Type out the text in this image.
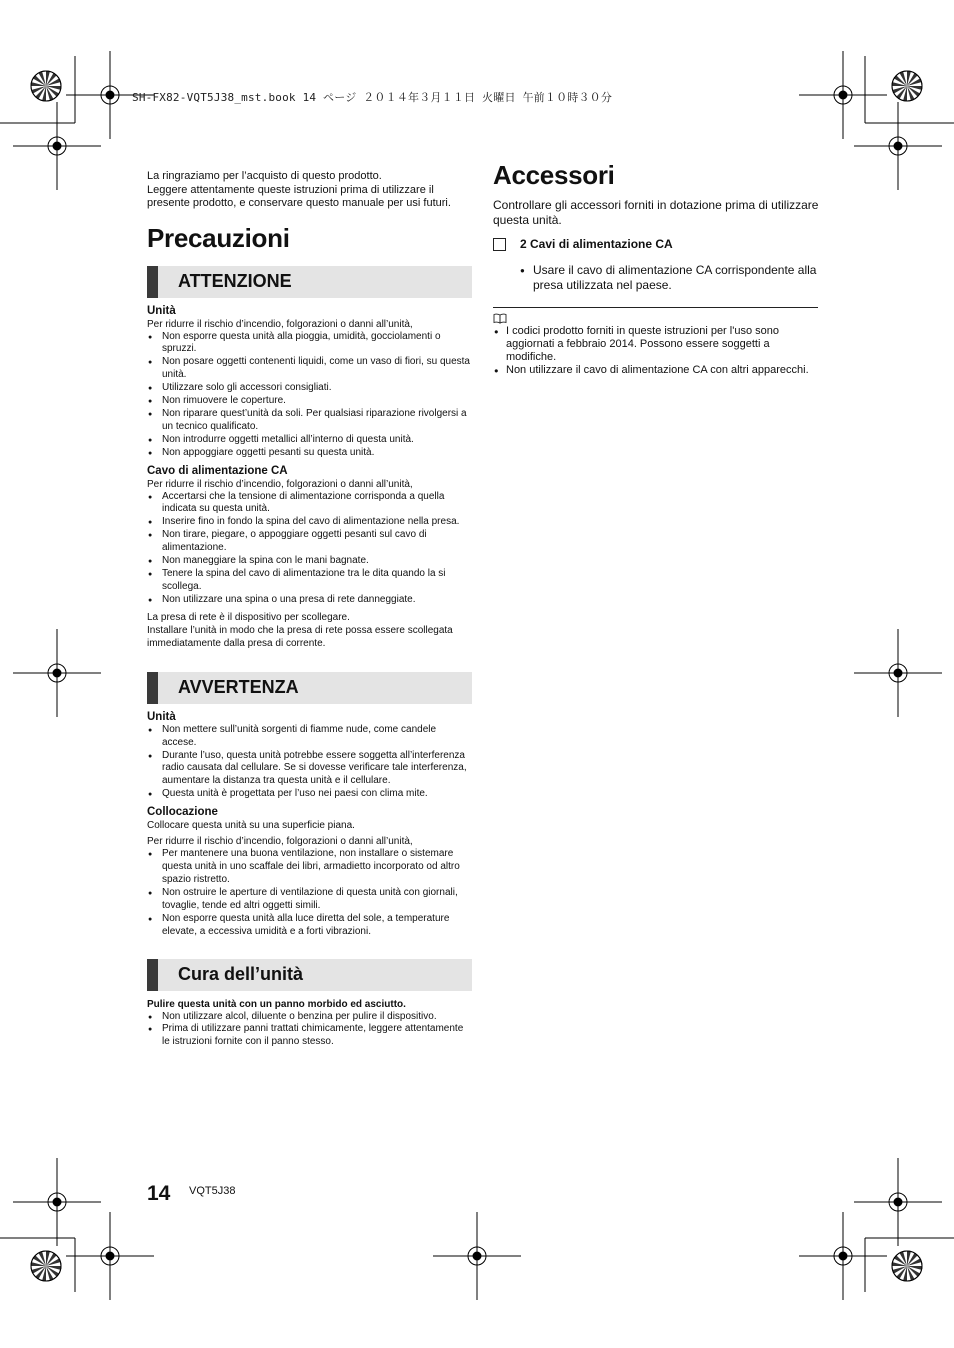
SH-FX82-VQT5J38_mst.book 14 ページ ２０１４年３月１１日 火曜日 午前１０時３０分

La ringraziamo per l’acquisto di questo prodotto.

Leggere attentamente queste istruzioni prima di utilizzare il presente prodotto, e conservare questo manuale per usi futuri.

Precauzioni
ATTENZIONE

Unità

Per ridurre il rischio d’incendio, folgorazioni o danni all’unità,

● Non esporre questa unità alla pioggia, umidità, gocciolamenti o spruzzi.
● Non posare oggetti contenenti liquidi, come un vaso di fiori, su questa unità.
● Utilizzare solo gli accessori consigliati.
● Non rimuovere le coperture.
● Non riparare quest’unità da soli. Per qualsiasi riparazione rivolgersi a un tecnico qualificato.
● Non introdurre oggetti metallici all’interno di questa unità.
● Non appoggiare oggetti pesanti su questa unità.

Cavo di alimentazione CA

Per ridurre il rischio d’incendio, folgorazioni o danni all’unità,

● Accertarsi che la tensione di alimentazione corrisponda a quella indicata su questa unità.
● Inserire fino in fondo la spina del cavo di alimentazione nella presa.
● Non tirare, piegare, o appoggiare oggetti pesanti sul cavo di alimentazione.
● Non maneggiare la spina con le mani bagnate.
● Tenere la spina del cavo di alimentazione tra le dita quando la si scollega.
● Non utilizzare una spina o una presa di rete danneggiate.

La presa di rete è il dispositivo per scollegare.

Installare l’unità in modo che la presa di rete possa essere scollegata immediatamente dalla presa di corrente.

AVVERTENZA

Unità

● Non mettere sull’unità sorgenti di fiamme nude, come candele accese.
● Durante l’uso, questa unità potrebbe essere soggetta all’interferenza radio causata dal cellulare. Se si dovesse verificare tale interferenza, aumentare la distanza tra questa unità e il cellulare.
● Questa unità è progettata per l’uso nei paesi con clima mite.

Collocazione

Collocare questa unità su una superficie piana.

Per ridurre il rischio d’incendio, folgorazioni o danni all’unità,

● Per mantenere una buona ventilazione, non installare o sistemare questa unità in uno scaffale dei libri, armadietto incorporato od altro spazio ristretto.
● Non ostruire le aperture di ventilazione di questa unità con giornali, tovaglie, tende ed altri oggetti simili.
● Non esporre questa unità alla luce diretta del sole, a temperature elevate, a eccessiva umidità e a forti vibrazioni.
Cura dell’unità

Pulire questa unità con un panno morbido ed asciutto.

● Non utilizzare alcol, diluente o benzina per pulire il dispositivo.
● Prima di utilizzare panni trattati chimicamente, leggere attentamente le istruzioni fornite con il panno stesso.
Accessori

Controllare gli accessori forniti in dotazione prima di utilizzare questa unità.

2 Cavi di alimentazione CA
● Usare il cavo di alimentazione CA corrispondente alla presa utilizzata nel paese.
● I codici prodotto forniti in queste istruzioni per l'uso sono aggiornati a febbraio 2014. Possono essere soggetti a modifiche.
● Non utilizzare il cavo di alimentazione CA con altri apparecchi.
14 VQT5J38
